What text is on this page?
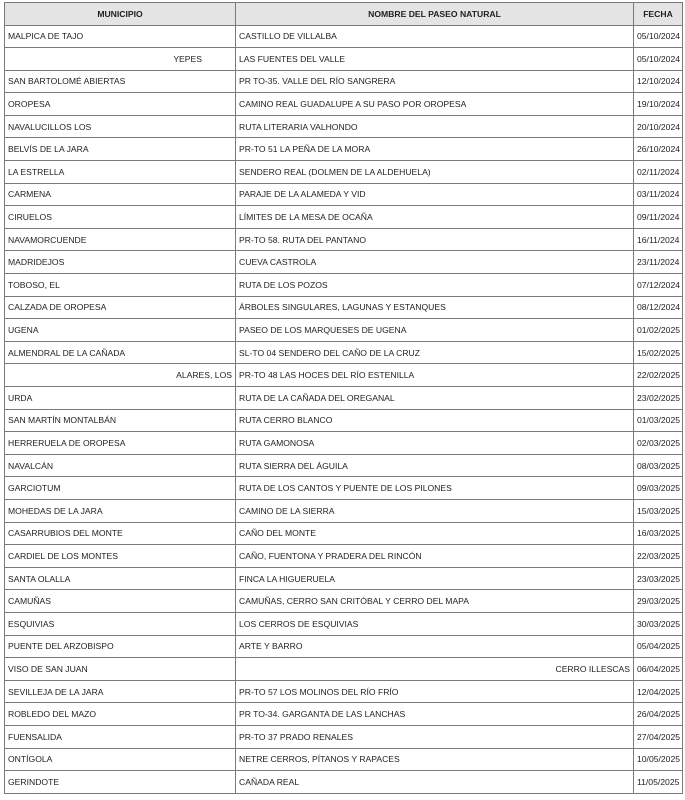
MUNICIPIO	NOMBRE DEL PASEO NATURAL	FECHA
MALPICA DE TAJO	CASTILLO DE VILLALBA	05/10/2024
YEPES	LAS FUENTES DEL VALLE	05/10/2024
SAN BARTOLOMÉ ABIERTAS	PR TO-35. VALLE DEL RÍO SANGRERA	12/10/2024
OROPESA	CAMINO REAL GUADALUPE A SU PASO POR OROPESA	19/10/2024
NAVALUCILLOS LOS	RUTA LITERARIA VALHONDO	20/10/2024
BELVÍS DE LA JARA	PR-TO 51 LA PEÑA DE LA MORA	26/10/2024
LA ESTRELLA	SENDERO REAL (DOLMEN DE LA ALDEHUELA)	02/11/2024
CARMENA	PARAJE DE LA ALAMEDA Y VID	03/11/2024
CIRUELOS	LÍMITES DE LA MESA DE OCAÑA	09/11/2024
NAVAMORCUENDE	PR-TO 58. RUTA DEL PANTANO	16/11/2024
MADRIDEJOS	CUEVA CASTROLA	23/11/2024
TOBOSO, EL	RUTA DE LOS POZOS	07/12/2024
CALZADA DE OROPESA	ÁRBOLES SINGULARES, LAGUNAS Y ESTANQUES	08/12/2024
UGENA	PASEO DE LOS MARQUESES DE UGENA	01/02/2025
ALMENDRAL DE LA CAÑADA	SL-TO 04 SENDERO DEL CAÑO DE LA CRUZ	15/02/2025
ALARES, LOS	PR-TO 48 LAS HOCES DEL RÍO ESTENILLA	22/02/2025
URDA	RUTA DE LA CAÑADA DEL OREGANAL	23/02/2025
SAN MARTÍN MONTALBÁN	RUTA CERRO BLANCO	01/03/2025
HERRERUELA DE OROPESA	RUTA GAMONOSA	02/03/2025
NAVALCÁN	RUTA SIERRA DEL ÁGUILA	08/03/2025
GARCIOTUM	RUTA DE LOS CANTOS Y PUENTE DE LOS PILONES	09/03/2025
MOHEDAS DE LA JARA	CAMINO DE LA SIERRA	15/03/2025
CASARRUBIOS DEL MONTE	CAÑO DEL MONTE	16/03/2025
CARDIEL DE LOS MONTES	CAÑO, FUENTONA Y PRADERA DEL RINCÓN	22/03/2025
SANTA OLALLA	FINCA LA HIGUERUELA	23/03/2025
CAMUÑAS	CAMUÑAS, CERRO SAN CRITÓBAL Y CERRO DEL MAPA	29/03/2025
ESQUIVIAS	LOS CERROS DE ESQUIVIAS	30/03/2025
PUENTE DEL ARZOBISPO	ARTE Y BARRO	05/04/2025
VISO DE SAN JUAN	CERRO ILLESCAS	06/04/2025
SEVILLEJA DE LA JARA	PR-TO 57 LOS MOLINOS DEL RÍO FRÍO	12/04/2025
ROBLEDO DEL MAZO	PR TO-34. GARGANTA DE LAS LANCHAS	26/04/2025
FUENSALIDA	PR-TO 37 PRADO RENALES	27/04/2025
ONTÍGOLA	NETRE CERROS, PÍTANOS Y RAPACES	10/05/2025
GERINDOTE	CAÑADA REAL	11/05/2025
